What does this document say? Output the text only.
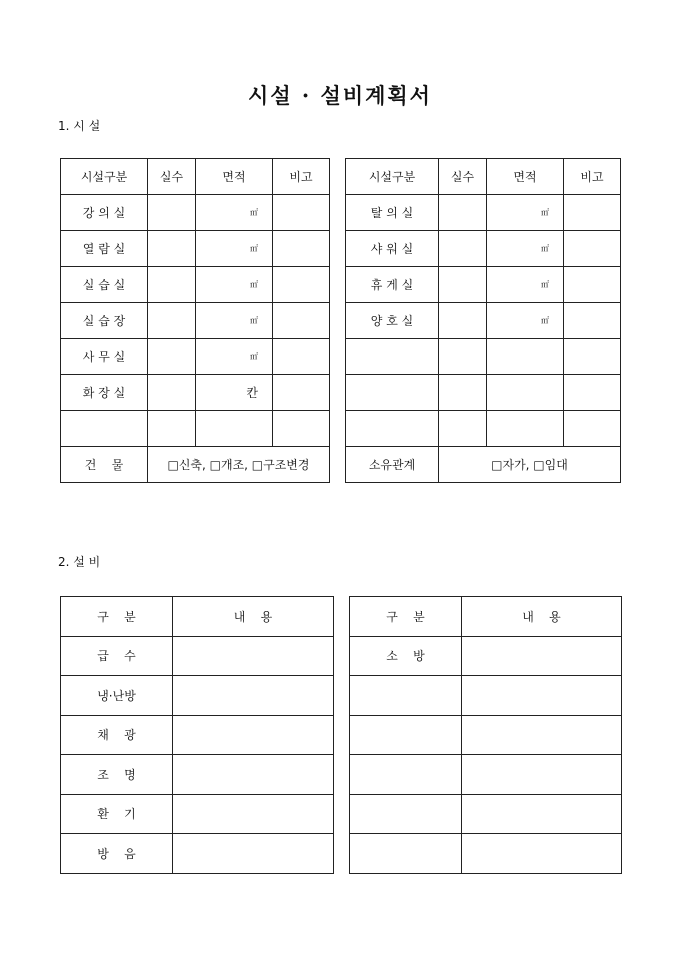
시설 · 설비계획서
1. 시 설
시설구분	실수	면적	비고		시설구분	실수	면적	비고
강 의 실		㎡			탈 의 실		㎡	
열 람 실		㎡			샤 워 실		㎡	
실 습 실		㎡			휴 게 실		㎡	
실 습 장		㎡			양 호 실		㎡	
사 무 실		㎡						
화 장 실		칸						

건    물	□신축, □개조, □구조변경				소유관계	□자가, □임대		
2. 설 비
구    분	내    용		구    분	내    용
급    수			소    방	
냉·난방				
채    광				
조    명				
환    기				
방    음				
